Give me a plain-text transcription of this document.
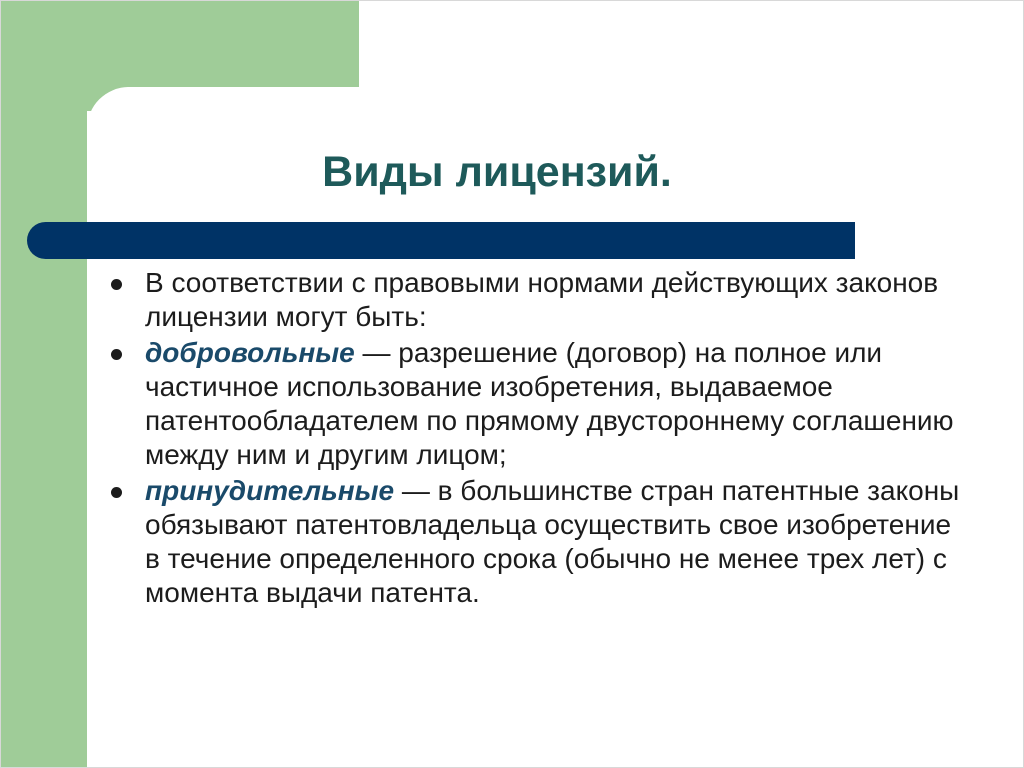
Виды лицензий.
В соответствии с правовыми нормами действующих законов лицензии могут быть:
добровольные — разрешение (договор) на полное или частичное использование изобретения, выдаваемое патентообладателем по прямому двустороннему соглашению между ним и другим лицом;
принудительные — в большинстве стран патентные законы обязывают патентовладельца осуществить свое изобретение в течение определенного срока (обычно не менее трех лет) с момента выдачи патента.
